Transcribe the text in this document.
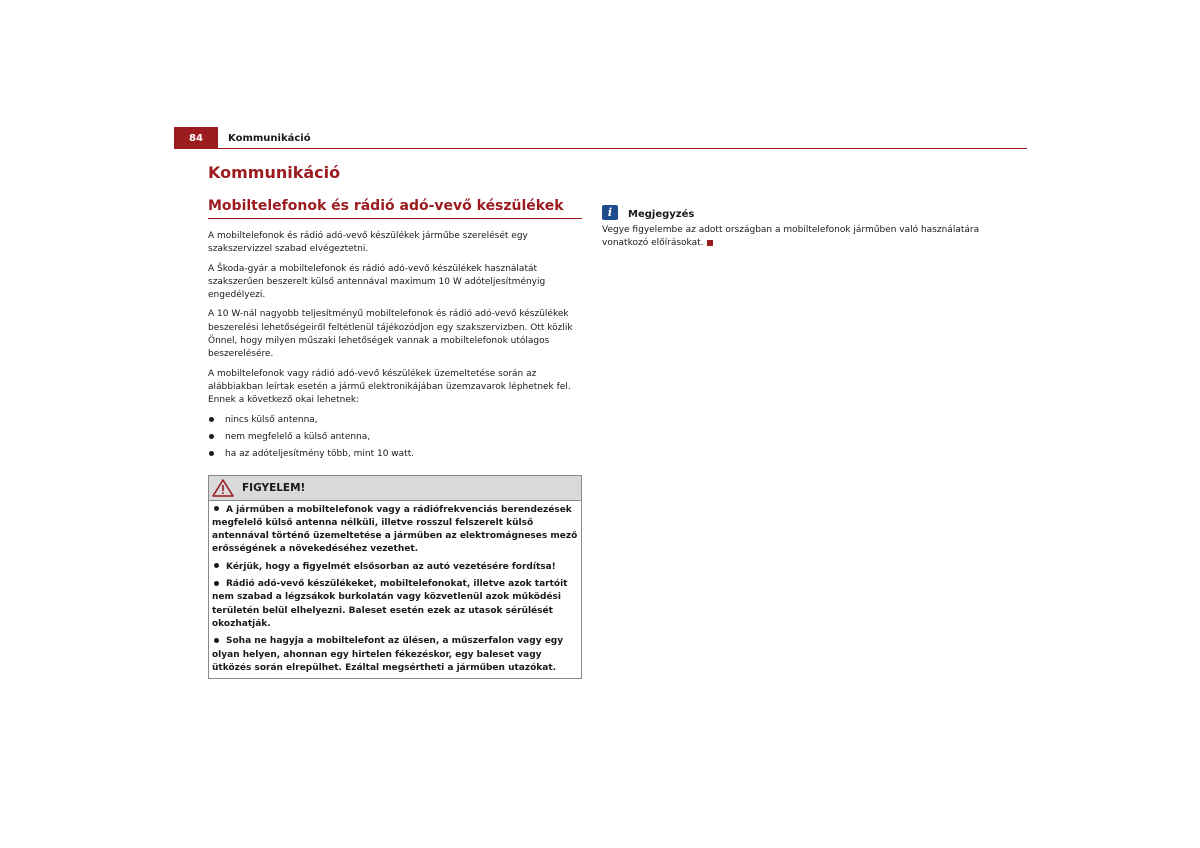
84	Kommunikáció
Kommunikáció
Mobiltelefonok és rádió adó-vevő készülékek

A mobiltelefonok és rádió adó-vevő készülékek járműbe szerelését egy szakszervizzel szabad elvégeztetni.

A Škoda-gyár a mobiltelefonok és rádió adó-vevő készülékek használatát szakszerűen beszerelt külső antennával maximum 10 W adóteljesítményig engedélyezi.

A 10 W-nál nagyobb teljesítményű mobiltelefonok és rádió adó-vevő készülékek beszerelési lehetőségeiről feltétlenül tájékozódjon egy szakszervizben. Ott közlik Önnel, hogy milyen műszaki lehetőségek vannak a mobiltelefonok utólagos beszerelésére.

A mobiltelefonok vagy rádió adó-vevő készülékek üzemeltetése során az alábbiakban leírtak esetén a jármű elektronikájában üzemzavarok léphetnek fel. Ennek a következő okai lehetnek:

nincs külső antenna,
nem megfelelő a külső antenna,
ha az adóteljesítmény több, mint 10 watt.
FIGYELEM!

A járműben a mobiltelefonok vagy a rádiófrekvenciás berendezések megfelelő külső antenna nélküli, illetve rosszul felszerelt külső antennával történő üzemeltetése a járműben az elektromágneses mező erősségének a növekedéséhez vezethet.

Kérjük, hogy a figyelmét elsősorban az autó vezetésére fordítsa!

Rádió adó-vevő készülékeket, mobiltelefonokat, illetve azok tartóit nem szabad a légzsákok burkolatán vagy közvetlenül azok működési területén belül elhelyezni. Baleset esetén ezek az utasok sérülését okozhatják.

Soha ne hagyja a mobiltelefont az ülésen, a műszerfalon vagy egy olyan helyen, ahonnan egy hirtelen fékezéskor, egy baleset vagy ütközés során elrepülhet. Ezáltal megsértheti a járműben utazókat.

i	Megjegyzés

Vegye figyelembe az adott országban a mobiltelefonok járműben való használatára vonatkozó előírásokat.
